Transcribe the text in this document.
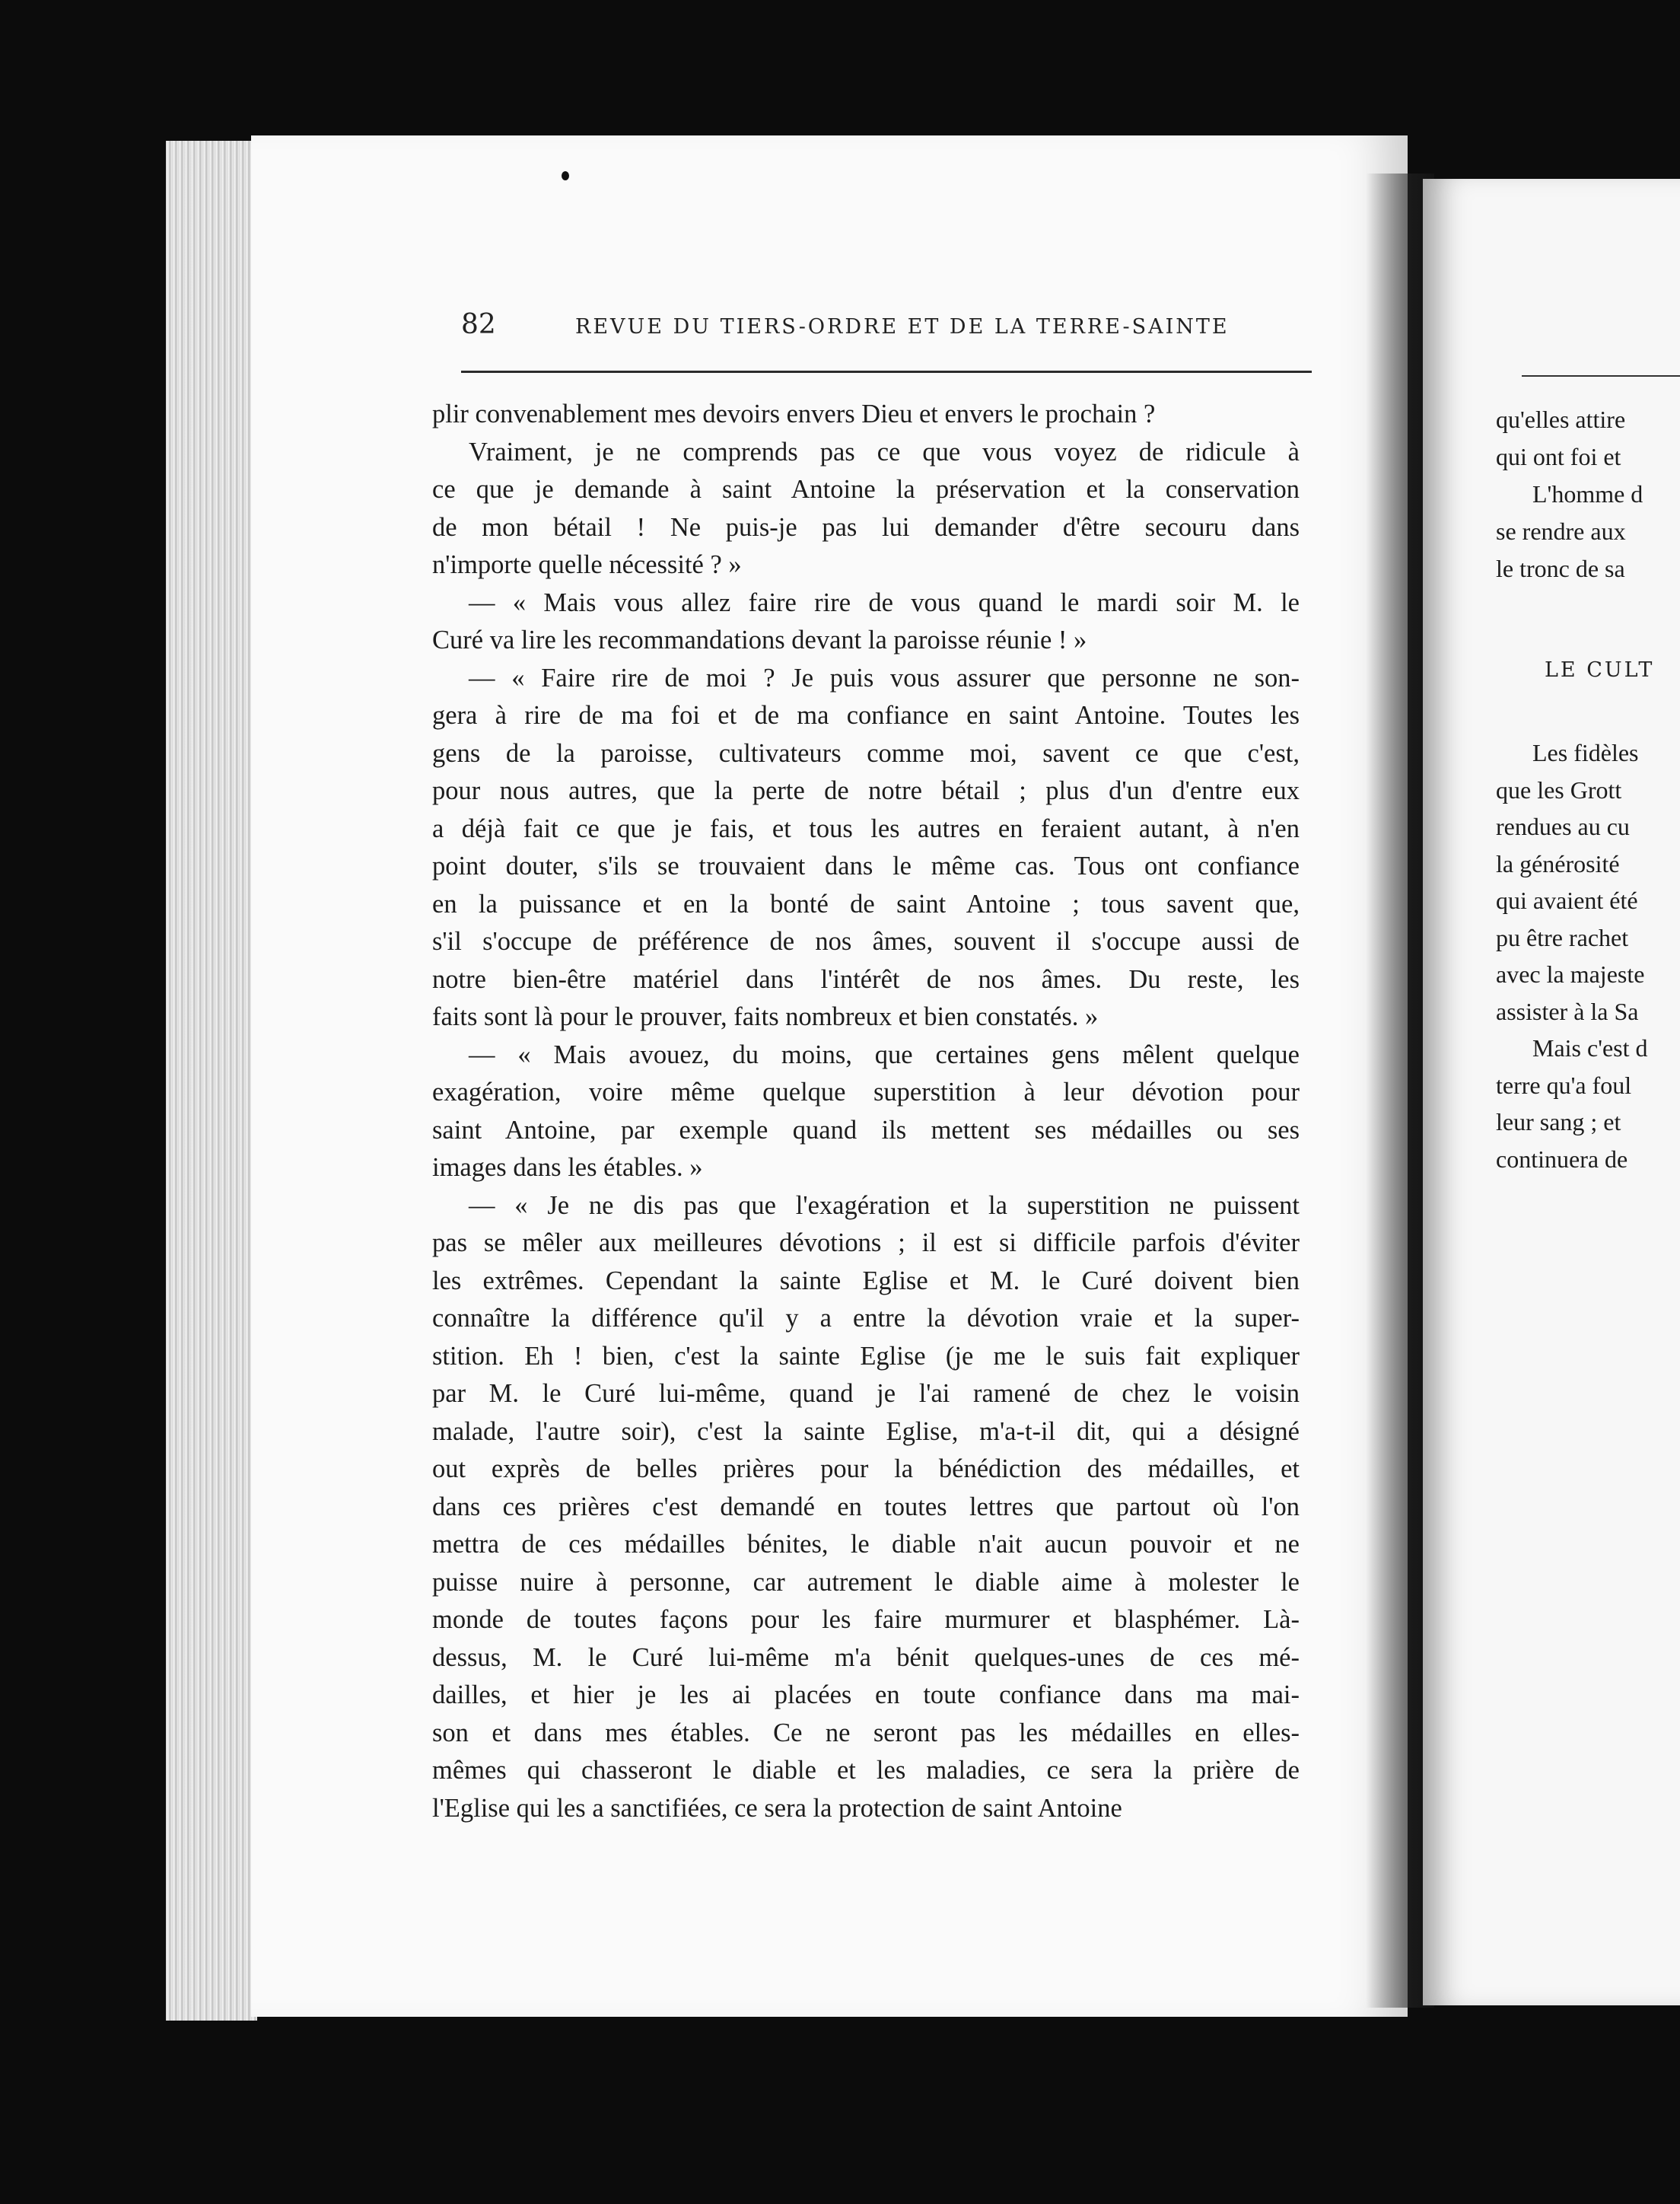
82	REVUE DU TIERS-ORDRE ET DE LA TERRE-SAINTE
plir convenablement mes devoirs envers Dieu et envers le prochain ?
Vraiment, je ne comprends pas ce que vous voyez de ridicule à
ce que je demande à saint Antoine la préservation et la conservation
de mon bétail ! Ne puis-je pas lui demander d'être secouru dans
n'importe quelle nécessité ? »
— « Mais vous allez faire rire de vous quand le mardi soir M. le
Curé va lire les recommandations devant la paroisse réunie ! »
— « Faire rire de moi ? Je puis vous assurer que personne ne son-
gera à rire de ma foi et de ma confiance en saint Antoine. Toutes les
gens de la paroisse, cultivateurs comme moi, savent ce que c'est,
pour nous autres, que la perte de notre bétail ; plus d'un d'entre eux
a déjà fait ce que je fais, et tous les autres en feraient autant, à n'en
point douter, s'ils se trouvaient dans le même cas. Tous ont confiance
en la puissance et en la bonté de saint Antoine ; tous savent que,
s'il s'occupe de préférence de nos âmes, souvent il s'occupe aussi de
notre bien-être matériel dans l'intérêt de nos âmes. Du reste, les
faits sont là pour le prouver, faits nombreux et bien constatés. »
— « Mais avouez, du moins, que certaines gens mêlent quelque
exagération, voire même quelque superstition à leur dévotion pour
saint Antoine, par exemple quand ils mettent ses médailles ou ses
images dans les étables. »
— « Je ne dis pas que l'exagération et la superstition ne puissent
pas se mêler aux meilleures dévotions ; il est si difficile parfois d'éviter
les extrêmes. Cependant la sainte Eglise et M. le Curé doivent bien
connaître la différence qu'il y a entre la dévotion vraie et la super-
stition. Eh ! bien, c'est la sainte Eglise (je me le suis fait expliquer
par M. le Curé lui-même, quand je l'ai ramené de chez le voisin
malade, l'autre soir), c'est la sainte Eglise, m'a-t-il dit, qui a désigné
out exprès de belles prières pour la bénédiction des médailles, et
dans ces prières c'est demandé en toutes lettres que partout où l'on
mettra de ces médailles bénites, le diable n'ait aucun pouvoir et ne
puisse nuire à personne, car autrement le diable aime à molester le
monde de toutes façons pour les faire murmurer et blasphémer. Là-
dessus, M. le Curé lui-même m'a bénit quelques-unes de ces mé-
dailles, et hier je les ai placées en toute confiance dans ma mai-
son et dans mes étables. Ce ne seront pas les médailles en elles-
mêmes qui chasseront le diable et les maladies, ce sera la prière de
l'Eglise qui les a sanctifiées, ce sera la protection de saint Antoine
qu'elles attire
qui ont foi et
L'homme d
se rendre aux
le tronc de sa
LE CULT
Les fidèles
que les Grott
rendues au cu
la générosité
qui avaient été
pu être rachet
avec la majeste
assister à la Sa
Mais c'est d
terre qu'a foul
leur sang ; et
continuera de
